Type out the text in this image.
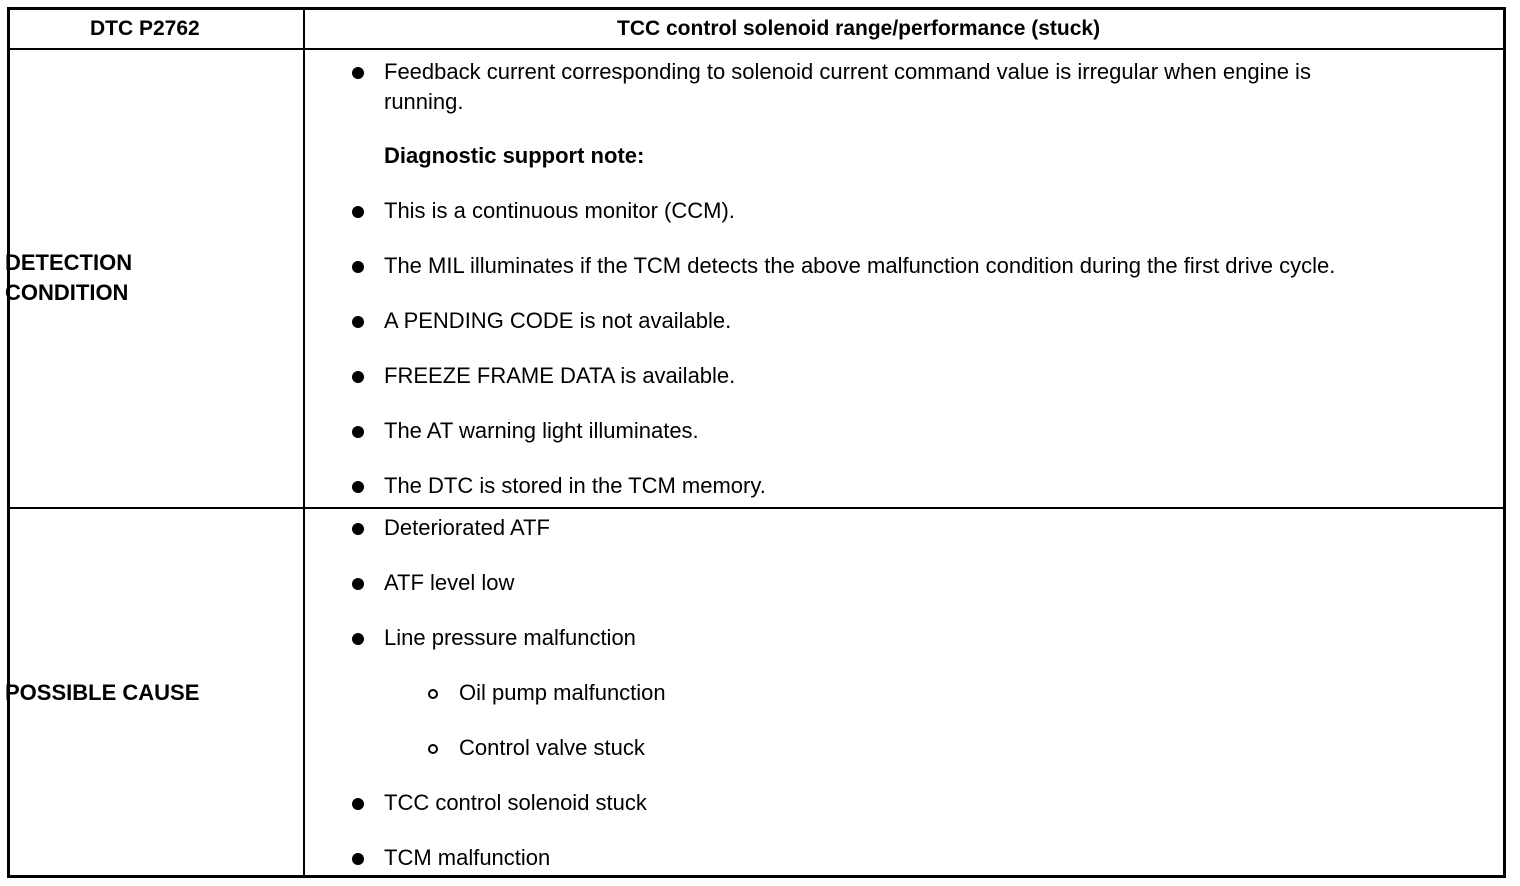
DTC P2762	TCC control solenoid range/performance (stuck)
DETECTION
CONDITION
Feedback current corresponding to solenoid current command value is irregular when engine is
running.
Diagnostic support note:
This is a continuous monitor (CCM).
The MIL illuminates if the TCM detects the above malfunction condition during the first drive cycle.
A PENDING CODE is not available.
FREEZE FRAME DATA is available.
The AT warning light illuminates.
The DTC is stored in the TCM memory.
POSSIBLE CAUSE
Deteriorated ATF
ATF level low
Line pressure malfunction
Oil pump malfunction
Control valve stuck
TCC control solenoid stuck
TCM malfunction
